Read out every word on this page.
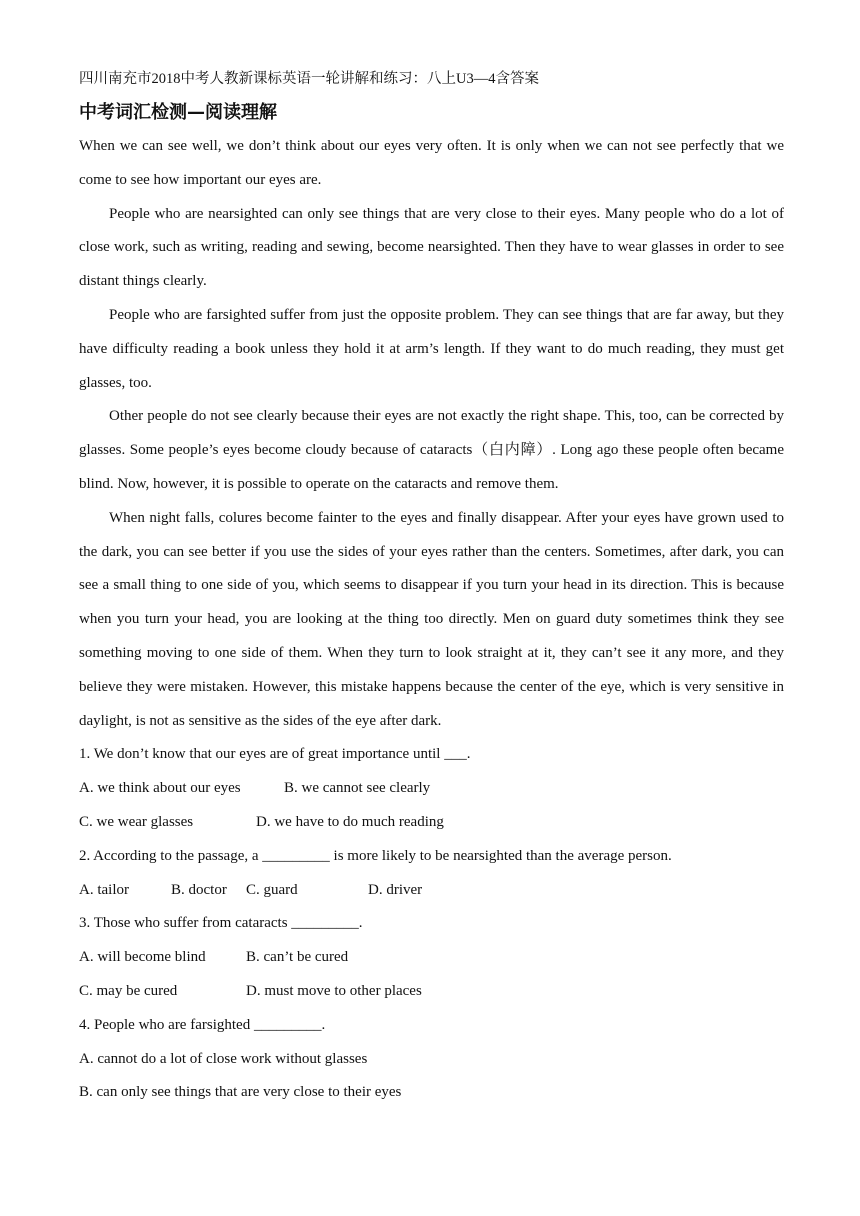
四川南充市2018中考人教新课标英语一轮讲解和练习：八上U3—4含答案

中考词汇检测—阅读理解

When we can see well, we don’t think about our eyes very often. It is only when we can not see perfectly that we come to see how important our eyes are.

People who are nearsighted can only see things that are very close to their eyes. Many people who do a lot of close work, such as writing, reading and sewing, become nearsighted. Then they have to wear glasses in order to see distant things clearly.

People who are farsighted suffer from just the opposite problem. They can see things that are far away, but they have difficulty reading a book unless they hold it at arm’s length. If they want to do much reading, they must get glasses, too.

Other people do not see clearly because their eyes are not exactly the right shape. This, too, can be corrected by glasses. Some people’s eyes become cloudy because of cataracts（白内障）. Long ago these people often became blind. Now, however, it is possible to operate on the cataracts and remove them.

When night falls, colures become fainter to the eyes and finally disappear. After your eyes have grown used to the dark, you can see better if you use the sides of your eyes rather than the centers. Sometimes, after dark, you can see a small thing to one side of you, which seems to disappear if you turn your head in its direction. This is because when you turn your head, you are looking at the thing too directly. Men on guard duty sometimes think they see something moving to one side of them. When they turn to look straight at it, they can’t see it any more, and they believe they were mistaken. However, this mistake happens because the center of the eye, which is very sensitive in daylight, is not as sensitive as the sides of the eye after dark.

1. We don’t know that our eyes are of great importance until ___.

A. we think about our eyes	B. we cannot see clearly

C. we wear glasses	D. we have to do much reading

2. According to the passage, a _________ is more likely to be nearsighted than the average person.

A. tailor	B. doctor C. guard	D. driver

3. Those who suffer from cataracts _________.

A. will become blind	B. can’t be cured

C. may be cured	D. must move to other places

4. People who are farsighted _________.

A. cannot do a lot of close work without glasses

B. can only see things that are very close to their eyes
